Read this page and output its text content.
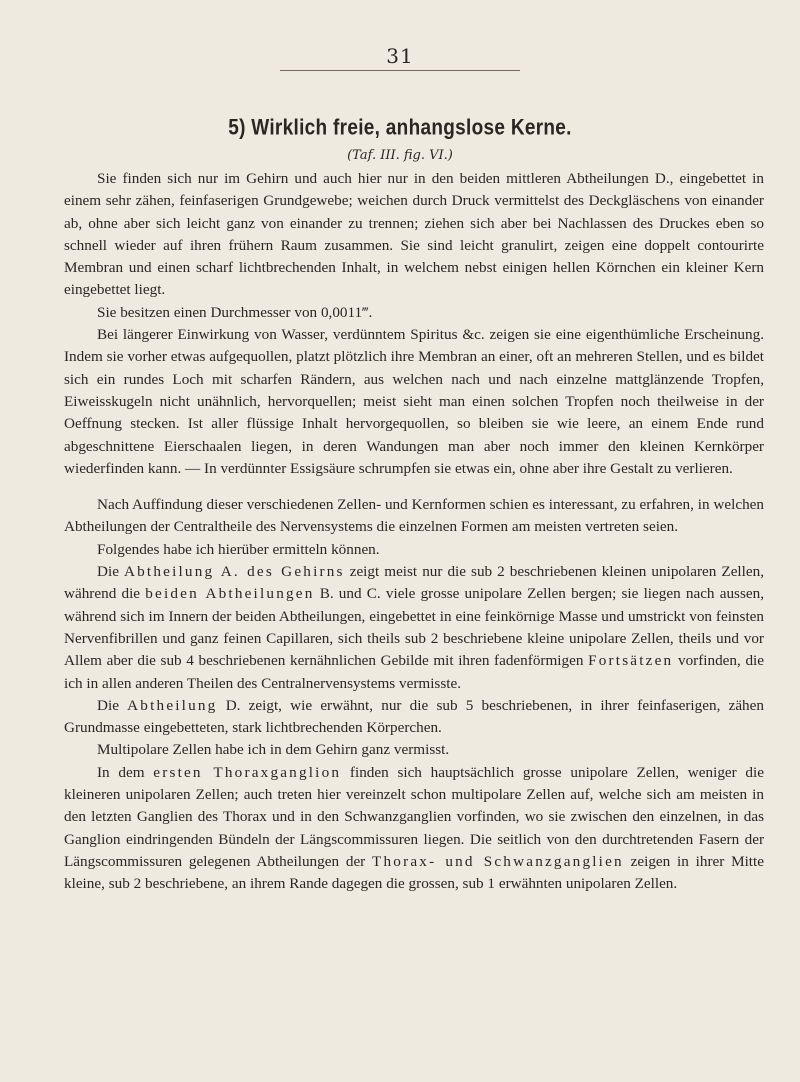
31
5) Wirklich freie, anhangslose Kerne.
(Taf. III. fig. VI.)

Sie finden sich nur im Gehirn und auch hier nur in den beiden mittleren Abtheilungen D., eingebettet in einem sehr zähen, feinfaserigen Grundgewebe; weichen durch Druck vermittelst des Deckgläschens von einander ab, ohne aber sich leicht ganz von einander zu trennen; ziehen sich aber bei Nachlassen des Druckes eben so schnell wieder auf ihren frühern Raum zusammen. Sie sind leicht granulirt, zeigen eine doppelt contourirte Membran und einen scharf lichtbrechenden Inhalt, in welchem nebst einigen hellen Körnchen ein kleiner Kern eingebettet liegt.

Sie besitzen einen Durchmesser von 0,0011‴.

Bei längerer Einwirkung von Wasser, verdünntem Spiritus &c. zeigen sie eine eigenthümliche Erscheinung. Indem sie vorher etwas aufgequollen, platzt plötzlich ihre Membran an einer, oft an mehreren Stellen, und es bildet sich ein rundes Loch mit scharfen Rändern, aus welchen nach und nach einzelne mattglänzende Tropfen, Eiweisskugeln nicht unähnlich, hervorquellen; meist sieht man einen solchen Tropfen noch theilweise in der Oeffnung stecken. Ist aller flüssige Inhalt hervorgequollen, so bleiben sie wie leere, an einem Ende rund abgeschnittene Eierschaalen liegen, in deren Wandungen man aber noch immer den kleinen Kernkörper wiederfinden kann. — In verdünnter Essigsäure schrumpfen sie etwas ein, ohne aber ihre Gestalt zu verlieren.

Nach Auffindung dieser verschiedenen Zellen- und Kernformen schien es interessant, zu erfahren, in welchen Abtheilungen der Centraltheile des Nervensystems die einzelnen Formen am meisten vertreten seien.

Folgendes habe ich hierüber ermitteln können.

Die Abtheilung A. des Gehirns zeigt meist nur die sub 2 beschriebenen kleinen unipolaren Zellen, während die beiden Abtheilungen B. und C. viele grosse unipolare Zellen bergen; sie liegen nach aussen, während sich im Innern der beiden Abtheilungen, eingebettet in eine feinkörnige Masse und umstrickt von feinsten Nervenfibrillen und ganz feinen Capillaren, sich theils sub 2 beschriebene kleine unipolare Zellen, theils und vor Allem aber die sub 4 beschriebenen kernähnlichen Gebilde mit ihren fadenförmigen Fortsätzen vorfinden, die ich in allen anderen Theilen des Centralnervensystems vermisste.

Die Abtheilung D. zeigt, wie erwähnt, nur die sub 5 beschriebenen, in ihrer feinfaserigen, zähen Grundmasse eingebetteten, stark lichtbrechenden Körperchen.

Multipolare Zellen habe ich in dem Gehirn ganz vermisst.

In dem ersten Thoraxganglion finden sich hauptsächlich grosse unipolare Zellen, weniger die kleineren unipolaren Zellen; auch treten hier vereinzelt schon multipolare Zellen auf, welche sich am meisten in den letzten Ganglien des Thorax und in den Schwanzganglien vorfinden, wo sie zwischen den einzelnen, in das Ganglion eindringenden Bündeln der Längscommissuren liegen. Die seitlich von den durchtretenden Fasern der Längscommissuren gelegenen Abtheilungen der Thorax- und Schwanzganglien zeigen in ihrer Mitte kleine, sub 2 beschriebene, an ihrem Rande dagegen die grossen, sub 1 erwähnten unipolaren Zellen.
